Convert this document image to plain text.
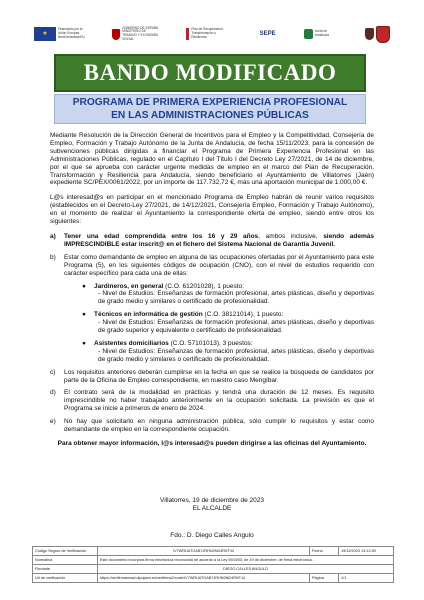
★
Financiado por la Unión Europea NextGenerationEU
GOBIERNO DE ESPAÑA MINISTERIO DE TRABAJO Y ECONOMÍA SOCIAL
Plan de Recuperación, Transformación y Resiliencia
SEPE	Junta de Andalucía
BANDO MODIFICADO
PROGRAMA DE PRIMERA EXPERIENCIA PROFESIONAL
EN LAS ADMINISTRACIONES PÚBLICAS

Mediante Resolución de la Dirección General de Incentivos para el Empleo y la Competitividad, Consejería de Empleo, Formación y Trabajo Autónomo de la Junta de Andalucía, de fecha 15/11/2023, para la concesión de subvenciones públicas dirigidas a financiar el Programa de Primera Experiencia Profesional en las Administraciones Públicas, regulado en el Capítulo I del Título I del Decreto Ley 27/2021, de 14 de diciembre, por el que se aprueba con carácter urgente medidas de empleo en el marco del Plan de Recuperación, Transformación y Resiliencia para Andalucía, siendo beneficiario el Ayuntamiento de Villatorres (Jaén) expediente SC/PEX/0061/2022, por un importe de 117.732,72 €, más una aportación municipal de 1.000,00 €.

L@s interesad@s en participar en el mencionado Programa de Empleo habrán de reunir varios requisitos (establecidos en el Decreto-Ley 27/2021, de 14/12/2021, Consejería Empleo, Formación y Trabajo Autónomo), en el momento de realizar el Ayuntamiento la correspondiente oferta de empleo, siendo entre otros los siguientes:

a)	Tener una edad comprendida entre los 16 y 29 años, ambos inclusive, siendo además IMPRESCINDIBLE estar inscrit@ en el fichero del Sistema Nacional de Garantía Juvenil.
b)	Estar como demandante de empleo en alguna de las ocupaciones ofertadas por el Ayuntamiento para este Programa (5), en los siguientes códigos de ocupación (CNO), con el nivel de estudios requerido con carácter específico para cada una de ellas:
●	Jardineros, en general (C.O. 61201028), 1 puesto:
- Nivel de Estudios: Enseñanzas de formación profesional, artes plásticas, diseño y deportivas de grado medio y similares o certificado de profesionalidad.
●	Técnicos en informática de gestión (C.O. 38121014), 1 puesto:
- Nivel de Estudios: Enseñanzas de formación profesional, artes plásticas, diseño y deportivas de grado superior y equivalente o certificado de profesionalidad.
●	Asistentes domiciliarios (C.O. 57101013), 3 puestos:
- Nivel de Estudios: Enseñanzas de formación profesional, artes plásticas, diseño y deportivas de grado medio y similares o certificado de profesionalidad.
c)	Los requisitos anteriores deberán cumplirse en la fecha en que se realice la búsqueda de candidatos por parte de la Oficina de Empleo correspondiente, en nuestro caso Mengíbar.
d)	El contrato será de la modalidad en prácticas y tendrá una duración de 12 meses. Es requisito imprescindible no haber trabajado anteriormente en la ocupación solicitada. La previsión es que el Programa se inicie a primeros de enero de 2024.
e)	No hay que solicitarlo en ninguna administración pública, sólo cumplir lo requisitos y estar como demandante de empleo en la correspondiente ocupación.

Para obtener mayor información, l@s interesad@s pueden dirigirse a las oficinas del Ayuntamiento.

Villatorres, 19 de diciembre de 2023
EL ALCALDE
Fdo.: D. Diego Calles Angulo
Código Seguro de Verificación	IV7WRUATOAB7JRHN2ND4RKFJ4	Fecha	19/12/2023 13:12:50
Normativa	Este documento incorpora firma electrónica reconocida de acuerdo a la Ley 59/2003, de 19 de diciembre, de firma electrónica.		
Firmante	DIEGO CALLES ANGULO		
Url de verificación	https://verifirmaemad.dipujaen.es/verifirma2/code/IV7WRUATOAB7JRHN2ND4RKFJ4	Página	1/1
